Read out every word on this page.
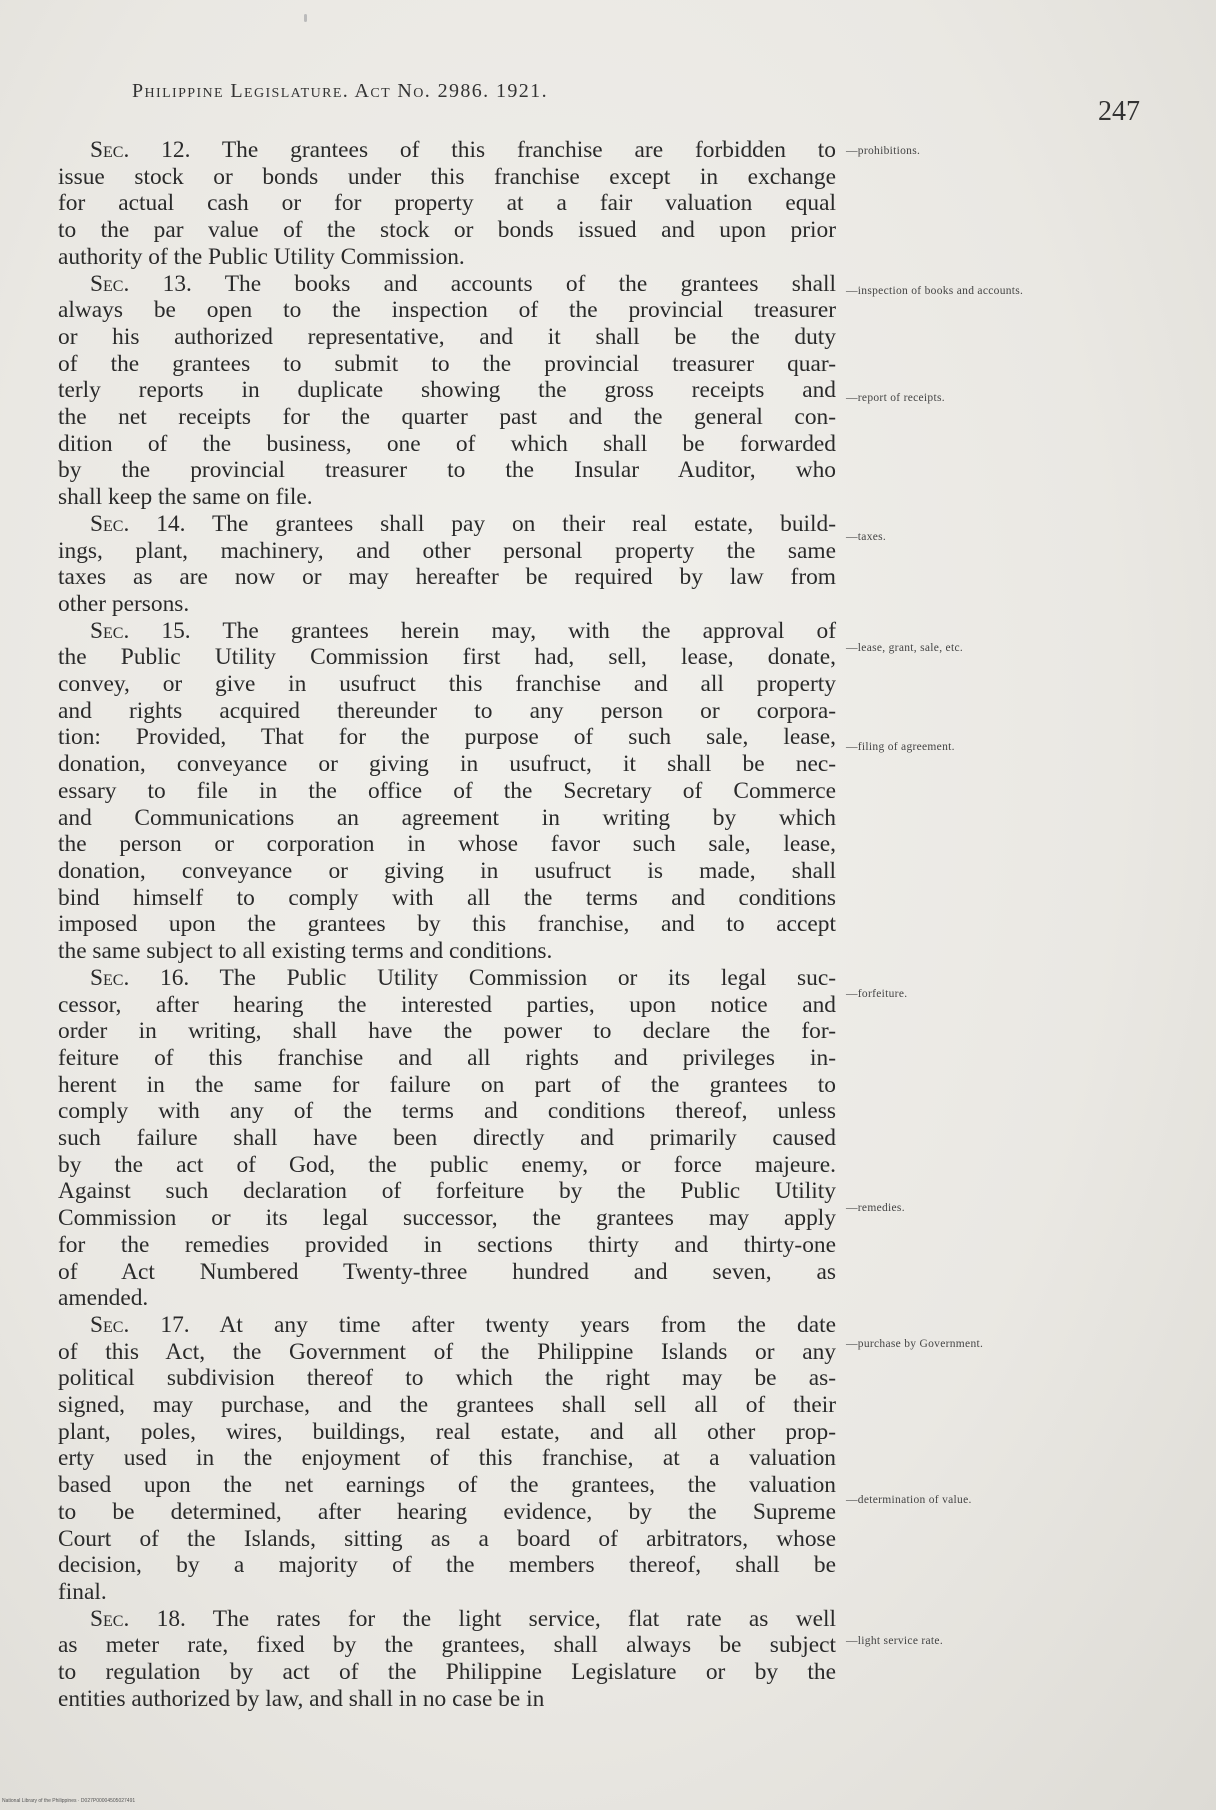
Philippine Legislature. Act No. 2986. 1921.
247
Sec. 12. The grantees of this franchise are forbidden to
issue stock or bonds under this franchise except in exchange
for actual cash or for property at a fair valuation equal
to the par value of the stock or bonds issued and upon prior
authority of the Public Utility Commission.
Sec. 13. The books and accounts of the grantees shall
always be open to the inspection of the provincial treasurer
or his authorized representative, and it shall be the duty
of the grantees to submit to the provincial treasurer quar-
terly reports in duplicate showing the gross receipts and
the net receipts for the quarter past and the general con-
dition of the business, one of which shall be forwarded
by the provincial treasurer to the Insular Auditor, who
shall keep the same on file.
Sec. 14. The grantees shall pay on their real estate, build-
ings, plant, machinery, and other personal property the same
taxes as are now or may hereafter be required by law from
other persons.
Sec. 15. The grantees herein may, with the approval of
the Public Utility Commission first had, sell, lease, donate,
convey, or give in usufruct this franchise and all property
and rights acquired thereunder to any person or corpora-
tion: Provided, That for the purpose of such sale, lease,
donation, conveyance or giving in usufruct, it shall be nec-
essary to file in the office of the Secretary of Commerce
and Communications an agreement in writing by which
the person or corporation in whose favor such sale, lease,
donation, conveyance or giving in usufruct is made, shall
bind himself to comply with all the terms and conditions
imposed upon the grantees by this franchise, and to accept
the same subject to all existing terms and conditions.
Sec. 16. The Public Utility Commission or its legal suc-
cessor, after hearing the interested parties, upon notice and
order in writing, shall have the power to declare the for-
feiture of this franchise and all rights and privileges in-
herent in the same for failure on part of the grantees to
comply with any of the terms and conditions thereof, unless
such failure shall have been directly and primarily caused
by the act of God, the public enemy, or force majeure.
Against such declaration of forfeiture by the Public Utility
Commission or its legal successor, the grantees may apply
for the remedies provided in sections thirty and thirty-one
of Act Numbered Twenty-three hundred and seven, as
amended.
Sec. 17. At any time after twenty years from the date
of this Act, the Government of the Philippine Islands or any
political subdivision thereof to which the right may be as-
signed, may purchase, and the grantees shall sell all of their
plant, poles, wires, buildings, real estate, and all other prop-
erty used in the enjoyment of this franchise, at a valuation
based upon the net earnings of the grantees, the valuation
to be determined, after hearing evidence, by the Supreme
Court of the Islands, sitting as a board of arbitrators, whose
decision, by a majority of the members thereof, shall be
final.
Sec. 18. The rates for the light service, flat rate as well
as meter rate, fixed by the grantees, shall always be subject
to regulation by act of the Philippine Legislature or by the
entities authorized by law, and shall in no case be in
—prohibitions.
—inspection of books and accounts.
—report of receipts.
—taxes.
—lease, grant, sale, etc.
—filing of agreement.
—forfeiture.
—remedies.
—purchase by Government.
—determination of value.
—light service rate.
National Library of the Philippines · D027P00004505027491
